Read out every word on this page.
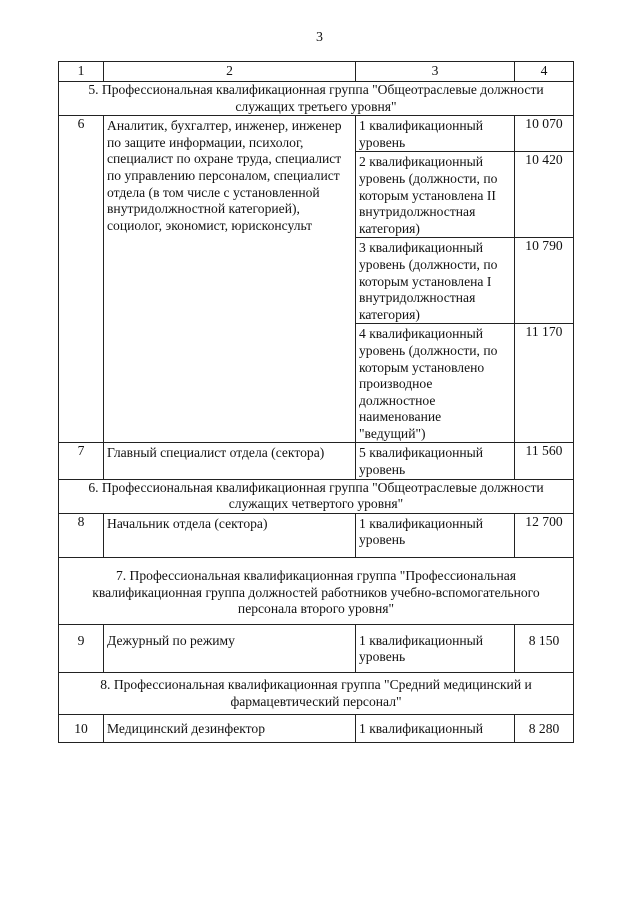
3
1	2	3	4
5. Профессиональная квалификационная группа "Общеотраслевые должности служащих третьего уровня"			
6	Аналитик, бухгалтер, инженер, инженер по защите информации, психолог, специалист по охране труда, специалист по управлению персоналом, специалист отдела (в том числе с установленной внутридолжностной категорией), социолог, экономист, юрисконсульт	1 квалификационный уровень	10 070
		2 квалификационный уровень (должности, по которым установлена II внутридолжностная категория)	10 420
		3 квалификационный уровень (должности, по которым установлена I внутридолжностная категория)	10 790
		4 квалификационный уровень (должности, по которым установлено производное должностное наименование "ведущий")	11 170
7	Главный специалист отдела (сектора)	5 квалификационный уровень	11 560
6. Профессиональная квалификационная группа "Общеотраслевые должности служащих четвертого уровня"			
8	Начальник отдела (сектора)	1 квалификационный уровень	12 700
7. Профессиональная квалификационная группа "Профессиональная квалификационная группа должностей работников учебно-вспомогательного персонала второго уровня"			
9	Дежурный по режиму	1 квалификационный уровень	8 150
8. Профессиональная квалификационная группа "Средний медицинский и фармацевтический персонал"			
10	Медицинский дезинфектор	1 квалификационный	8 280
